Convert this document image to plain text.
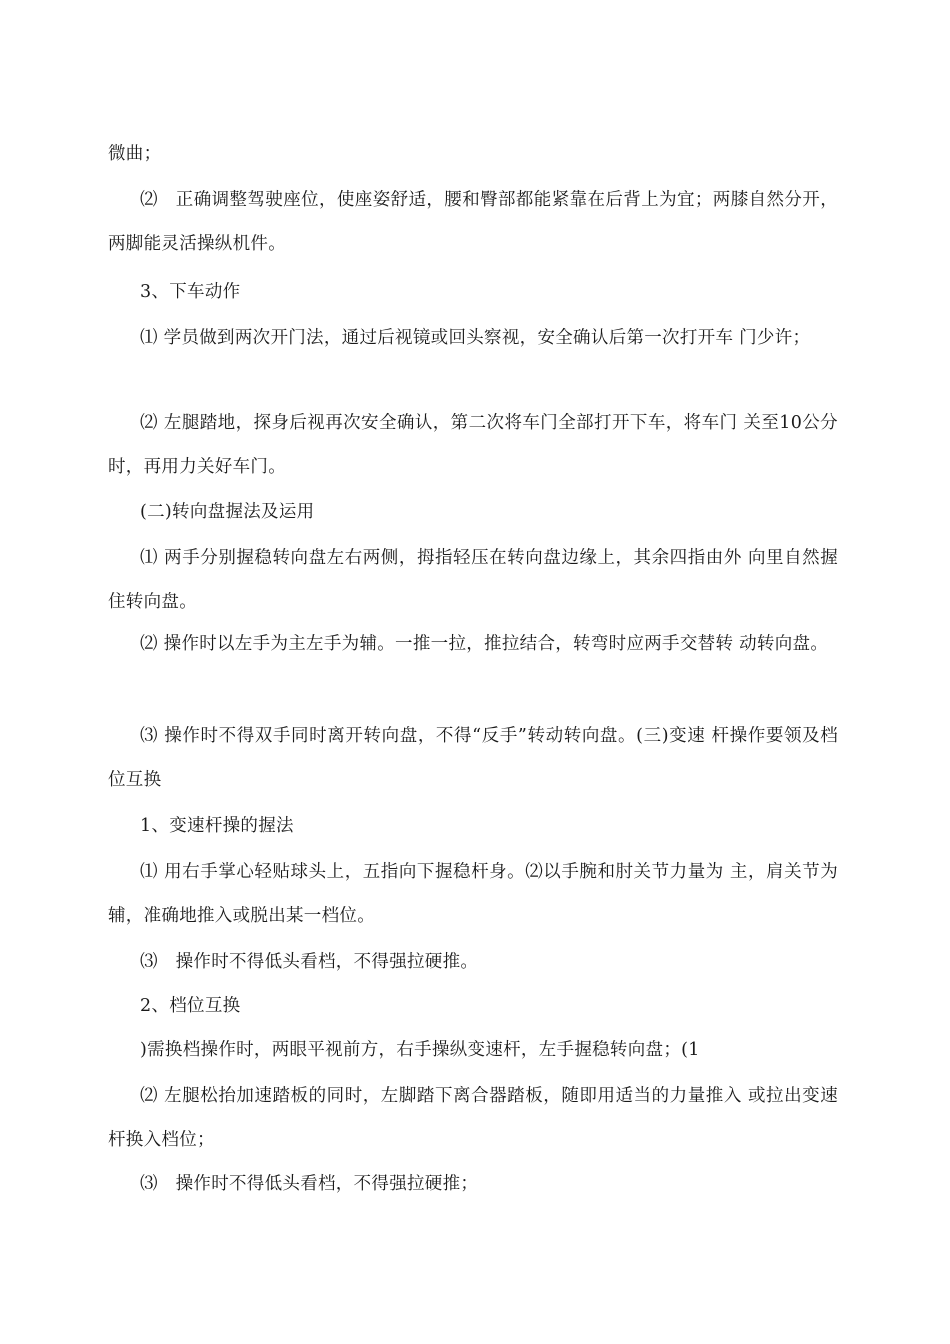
微曲；

⑵　正确调整驾驶座位，使座姿舒适，腰和臀部都能紧靠在后背上为宜；两膝自然分开，两脚能灵活操纵机件。

3、下车动作

⑴ 学员做到两次开门法，通过后视镜或回头察视，安全确认后第一次打开车 门少许；

⑵ 左腿踏地，探身后视再次安全确认，第二次将车门全部打开下车，将车门 关至10公分时，再用力关好车门。

(二)转向盘握法及运用

⑴ 两手分别握稳转向盘左右两侧，拇指轻压在转向盘边缘上，其余四指由外 向里自然握住转向盘。

⑵ 操作时以左手为主左手为辅。一推一拉，推拉结合，转弯时应两手交替转 动转向盘。

⑶ 操作时不得双手同时离开转向盘，不得“反手”转动转向盘。(三)变速 杆操作要领及档位互换

1、变速杆操的握法

⑴ 用右手掌心轻贴球头上，五指向下握稳杆身。⑵以手腕和肘关节力量为 主，肩关节为辅，准确地推入或脱出某一档位。

⑶　操作时不得低头看档，不得强拉硬推。

2、档位互换

)需换档操作时，两眼平视前方，右手操纵变速杆，左手握稳转向盘；(1

⑵ 左腿松抬加速踏板的同时，左脚踏下离合器踏板，随即用适当的力量推入 或拉出变速杆换入档位；

⑶　操作时不得低头看档，不得强拉硬推；
